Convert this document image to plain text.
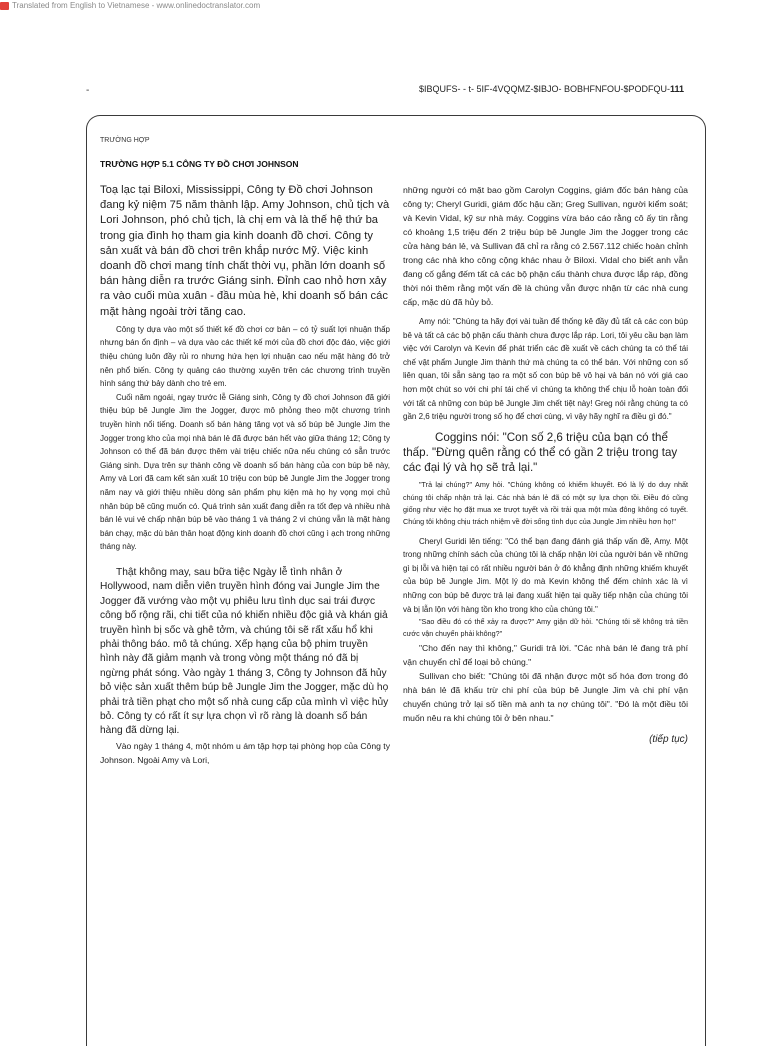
Translated from English to Vietnamese - www.onlinedoctranslator.com
-	$IBQUFS- - t- 5IF-4VQQMZ-$IBJO- BOBHFNFOU-$PODFQU-111
TRƯỜNG HỢP
TRƯỜNG HỢP 5.1 CÔNG TY ĐỒ CHƠI JOHNSON

Toạ lạc tại Biloxi, Mississippi, Công ty Đồ chơi Johnson đang kỷ niệm 75 năm thành lập. Amy Johnson, chủ tịch và Lori Johnson, phó chủ tịch, là chị em và là thế hệ thứ ba trong gia đình họ tham gia kinh doanh đồ chơi. Công ty sản xuất và bán đồ chơi trên khắp nước Mỹ. Việc kinh doanh đồ chơi mang tính chất thời vụ, phần lớn doanh số bán hàng diễn ra trước Giáng sinh. Đỉnh cao nhỏ hơn xảy ra vào cuối mùa xuân - đầu mùa hè, khi doanh số bán các mặt hàng ngoài trời tăng cao.

Công ty dựa vào một số thiết kế đồ chơi cơ bản – có tỷ suất lợi nhuận thấp nhưng bán ổn định – và dựa vào các thiết kế mới của đồ chơi độc đáo, việc giới thiệu chúng luôn đầy rủi ro nhưng hứa hẹn lợi nhuận cao nếu mặt hàng đó trở nên phổ biến. Công ty quảng cáo thường xuyên trên các chương trình truyền hình sáng thứ bảy dành cho trẻ em.

Cuối năm ngoái, ngay trước lễ Giáng sinh, Công ty đồ chơi Johnson đã giới thiệu búp bê Jungle Jim the Jogger, được mô phỏng theo một chương trình truyền hình nổi tiếng. Doanh số bán hàng tăng vọt và số búp bê Jungle Jim the Jogger trong kho của mọi nhà bán lẻ đã được bán hết vào giữa tháng 12; Công ty Johnson có thể đã bán được thêm vài triệu chiếc nữa nếu chúng có sẵn trước Giáng sinh. Dựa trên sự thành công về doanh số bán hàng của con búp bê này, Amy và Lori đã cam kết sản xuất 10 triệu con búp bê Jungle Jim the Jogger trong năm nay và giới thiệu nhiều dòng sản phẩm phụ kiện mà họ hy vọng mọi chủ nhân búp bê cũng muốn có. Quá trình sản xuất đang diễn ra tốt đẹp và nhiều nhà bán lẻ vui vẻ chấp nhận búp bê vào tháng 1 và tháng 2 vì chúng vẫn là mặt hàng bán chạy, mặc dù bản thân hoạt động kinh doanh đồ chơi cũng ì ạch trong những tháng này.

Thật không may, sau bữa tiệc Ngày lễ tình nhân ở Hollywood, nam diễn viên truyền hình đóng vai Jungle Jim the Jogger đã vướng vào một vụ phiêu lưu tình dục sai trái được công bố rộng rãi, chi tiết của nó khiến nhiều độc giả và khán giả truyền hình bị sốc và ghê tởm, và chúng tôi sẽ rất xấu hổ khi phải thông báo. mô tả chúng. Xếp hạng của bộ phim truyền hình này đã giảm mạnh và trong vòng một tháng nó đã bị ngừng phát sóng. Vào ngày 1 tháng 3, Công ty Johnson đã hủy bỏ việc sản xuất thêm búp bê Jungle Jim the Jogger, mặc dù họ phải trả tiền phạt cho một số nhà cung cấp của mình vì việc hủy bỏ. Công ty có rất ít sự lựa chọn vì rõ ràng là doanh số bán hàng đã dừng lại.

Vào ngày 1 tháng 4, một nhóm u ám tập hợp tại phòng họp của Công ty Johnson. Ngoài Amy và Lori,

những người có mặt bao gồm Carolyn Coggins, giám đốc bán hàng của công ty; Cheryl Guridi, giám đốc hậu cần; Greg Sullivan, người kiểm soát; và Kevin Vidal, kỹ sư nhà máy. Coggins vừa báo cáo rằng cô ấy tin rằng có khoảng 1,5 triệu đến 2 triệu búp bê Jungle Jim the Jogger trong các cửa hàng bán lẻ, và Sullivan đã chỉ ra rằng có 2.567.112 chiếc hoàn chỉnh trong các nhà kho công cộng khác nhau ở Biloxi. Vidal cho biết anh vẫn đang cố gắng đếm tất cả các bộ phận cấu thành chưa được lắp ráp, đồng thời nói thêm rằng một vấn đề là chúng vẫn được nhận từ các nhà cung cấp, mặc dù đã hủy bỏ.

Amy nói: "Chúng ta hãy đợi vài tuần để thống kê đầy đủ tất cả các con búp bê và tất cả các bộ phận cấu thành chưa được lắp ráp. Lori, tôi yêu cầu bạn làm việc với Carolyn và Kevin để phát triển các đề xuất về cách chúng ta có thể tái chế vật phẩm Jungle Jim thành thứ mà chúng ta có thể bán. Với những con số liên quan, tôi sẵn sàng tạo ra một số con búp bê vô hại và bán nó với giá cao hơn một chút so với chi phí tái chế vì chúng ta không thể chịu lỗ hoàn toàn đối với tất cả những con búp bê Jungle Jim chết tiệt này! Greg nói rằng chúng ta có gần 2,6 triệu người trong số họ để chơi cùng, vì vậy hãy nghĩ ra điều gì đó."

Coggins nói: "Con số 2,6 triệu của bạn có thể thấp. "Đừng quên rằng có thể có gần 2 triệu trong tay các đại lý và họ sẽ trả lại."

"Trả lại chúng?" Amy hỏi. "Chúng không có khiếm khuyết. Đó là lý do duy nhất chúng tôi chấp nhận trả lại. Các nhà bán lẻ đã có một sự lựa chọn tồi. Điều đó cũng giống như việc họ đặt mua xe trượt tuyết và rồi trải qua một mùa đông không có tuyết. Chúng tôi không chịu trách nhiệm về đời sống tình dục của Jungle Jim nhiều hơn họ!"

Cheryl Guridi lên tiếng: "Có thể bạn đang đánh giá thấp vấn đề, Amy. Một trong những chính sách của chúng tôi là chấp nhận lời của người bán về những gì bị lỗi và hiện tại có rất nhiều người bán ở đó khẳng định những khiếm khuyết của búp bê Jungle Jim. Một lý do mà Kevin không thể đếm chính xác là vì những con búp bê được trả lại đang xuất hiện tại quầy tiếp nhận của chúng tôi và bị lẫn lộn với hàng tồn kho trong kho của chúng tôi."

"Sao điều đó có thể xảy ra được?" Amy giận dữ hỏi. "Chúng tôi sẽ không trả tiền cước vận chuyển phải không?"

"Cho đến nay thì không," Guridi trả lời. "Các nhà bán lẻ đang trả phí vận chuyển chỉ để loại bỏ chúng."

Sullivan cho biết: "Chúng tôi đã nhận được một số hóa đơn trong đó nhà bán lẻ đã khấu trừ chi phí của búp bê Jungle Jim và chi phí vận chuyển chúng trở lại số tiền mà anh ta nợ chúng tôi". "Đó là một điều tôi muốn nêu ra khi chúng tôi ở bên nhau."

(tiếp tục)
